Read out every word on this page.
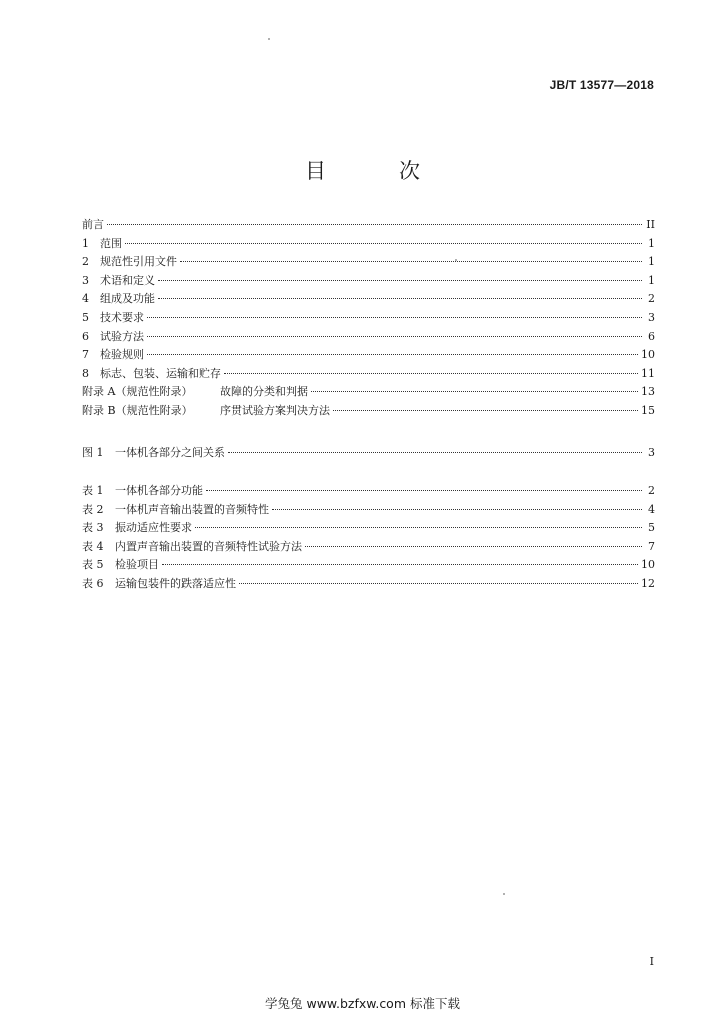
JB/T 13577—2018
目　次
前言	II
1	范围	1
2	规范性引用文件	1
3	术语和定义	1
4	组成及功能	2
5	技术要求	3
6	试验方法	6
7	检验规则	10
8	标志、包装、运输和贮存	11
附录 A（规范性附录）	故障的分类和判据	13
附录 B（规范性附录）	序贯试验方案判决方法	15
图 1	一体机各部分之间关系	3
表 1	一体机各部分功能	2
表 2	一体机声音输出装置的音频特性	4
表 3	振动适应性要求	5
表 4	内置声音输出装置的音频特性试验方法	7
表 5	检验项目	10
表 6	运输包装件的跌落适应性	12
I
学兔兔 www.bzfxw.com 标准下载
